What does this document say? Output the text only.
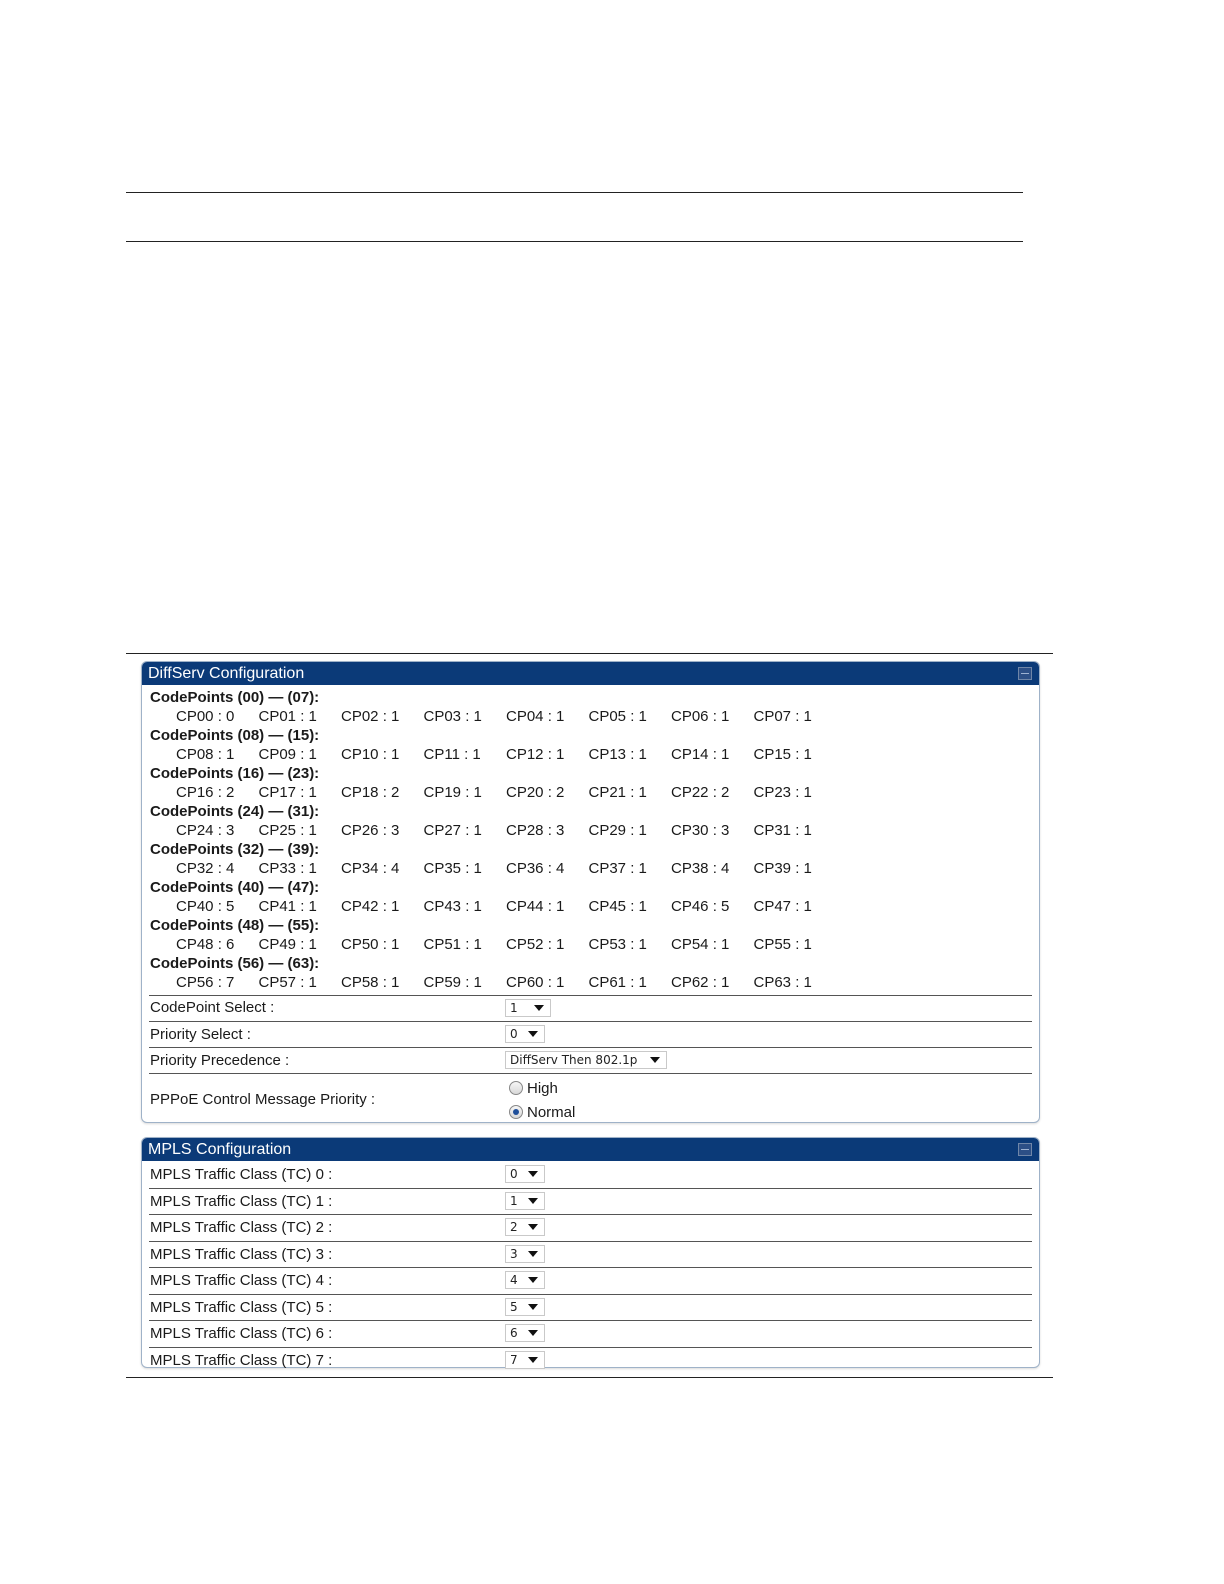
DiffServ Configuration
CodePoints (00) — (07):
CP00 : 0	CP01 : 1	CP02 : 1	CP03 : 1	CP04 : 1	CP05 : 1	CP06 : 1	CP07 : 1
CodePoints (08) — (15):
CP08 : 1	CP09 : 1	CP10 : 1	CP11 : 1	CP12 : 1	CP13 : 1	CP14 : 1	CP15 : 1
CodePoints (16) — (23):
CP16 : 2	CP17 : 1	CP18 : 2	CP19 : 1	CP20 : 2	CP21 : 1	CP22 : 2	CP23 : 1
CodePoints (24) — (31):
CP24 : 3	CP25 : 1	CP26 : 3	CP27 : 1	CP28 : 3	CP29 : 1	CP30 : 3	CP31 : 1
CodePoints (32) — (39):
CP32 : 4	CP33 : 1	CP34 : 4	CP35 : 1	CP36 : 4	CP37 : 1	CP38 : 4	CP39 : 1
CodePoints (40) — (47):
CP40 : 5	CP41 : 1	CP42 : 1	CP43 : 1	CP44 : 1	CP45 : 1	CP46 : 5	CP47 : 1
CodePoints (48) — (55):
CP48 : 6	CP49 : 1	CP50 : 1	CP51 : 1	CP52 : 1	CP53 : 1	CP54 : 1	CP55 : 1
CodePoints (56) — (63):
CP56 : 7	CP57 : 1	CP58 : 1	CP59 : 1	CP60 : 1	CP61 : 1	CP62 : 1	CP63 : 1
CodePoint Select :	1
Priority Select :	0
Priority Precedence :	DiffServ Then 802.1p
PPPoE Control Message Priority :
High
Normal
MPLS Configuration
MPLS Traffic Class (TC) 0 :	0
MPLS Traffic Class (TC) 1 :	1
MPLS Traffic Class (TC) 2 :	2
MPLS Traffic Class (TC) 3 :	3
MPLS Traffic Class (TC) 4 :	4
MPLS Traffic Class (TC) 5 :	5
MPLS Traffic Class (TC) 6 :	6
MPLS Traffic Class (TC) 7 :	7
